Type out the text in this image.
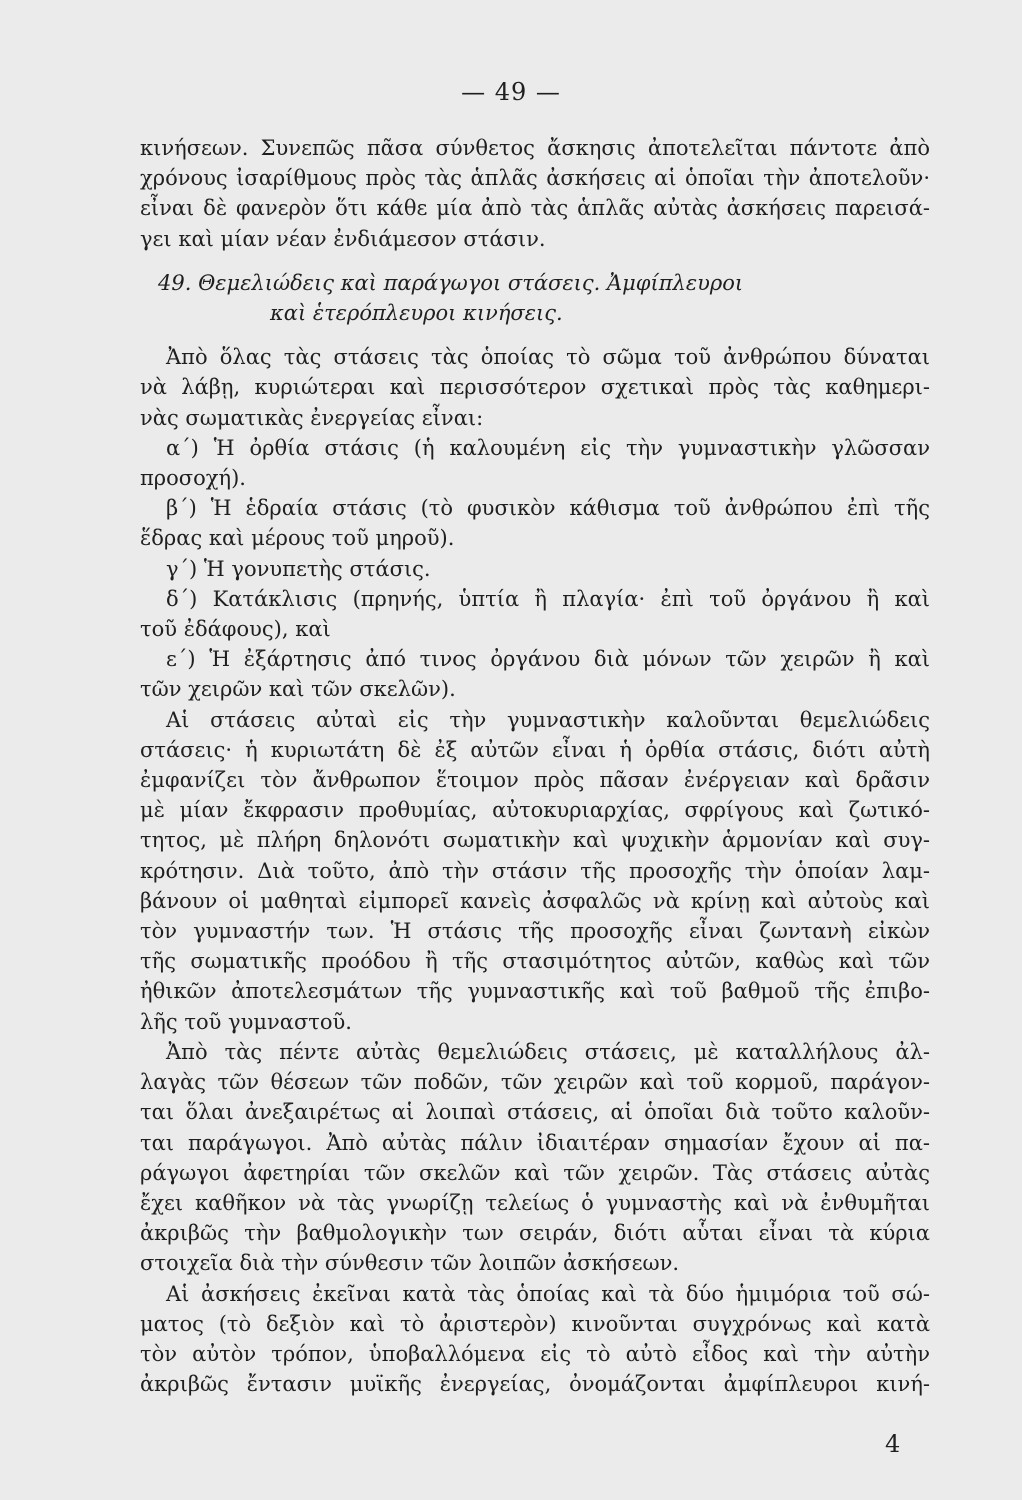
— 49 —
κινήσεων. Συνεπῶς πᾶσα σύνθετος ἄσκησις ἀποτελεῖται πάντοτε ἀπὸ
χρόνους ἰσαρίθμους πρὸς τὰς ἁπλᾶς ἀσκήσεις αἱ ὁποῖαι τὴν ἀποτελοῦν·
εἶναι δὲ φανερὸν ὅτι κάθε μία ἀπὸ τὰς ἁπλᾶς αὐτὰς ἀσκήσεις παρεισά-
γει καὶ μίαν νέαν ἐνδιάμεσον στάσιν.
49. Θεμελιώδεις καὶ παράγωγοι στάσεις. Ἀμφίπλευροι
καὶ ἑτερόπλευροι κινήσεις.
Ἀπὸ ὅλας τὰς στάσεις τὰς ὁποίας τὸ σῶμα τοῦ ἀνθρώπου δύναται
νὰ λάβῃ, κυριώτεραι καὶ περισσότερον σχετικαὶ πρὸς τὰς καθημερι-
νὰς σωματικὰς ἐνεργείας εἶναι:
α΄) Ἡ ὀρθία στάσις (ἡ καλουμένη εἰς τὴν γυμναστικὴν γλῶσσαν
προσοχή).
β΄) Ἡ ἑδραία στάσις (τὸ φυσικὸν κάθισμα τοῦ ἀνθρώπου ἐπὶ τῆς
ἕδρας καὶ μέρους τοῦ μηροῦ).
γ΄) Ἡ γονυπετὴς στάσις.
δ΄) Κατάκλισις (πρηνής, ὑπτία ἢ πλαγία· ἐπὶ τοῦ ὀργάνου ἢ καὶ
τοῦ ἐδάφους), καὶ
ε΄) Ἡ ἐξάρτησις ἀπό τινος ὀργάνου διὰ μόνων τῶν χειρῶν ἢ καὶ
τῶν χειρῶν καὶ τῶν σκελῶν).
Αἱ στάσεις αὐταὶ εἰς τὴν γυμναστικὴν καλοῦνται θεμελιώδεις
στάσεις· ἡ κυριωτάτη δὲ ἐξ αὐτῶν εἶναι ἡ ὀρθία στάσις, διότι αὐτὴ
ἐμφανίζει τὸν ἄνθρωπον ἕτοιμον πρὸς πᾶσαν ἐνέργειαν καὶ δρᾶσιν
μὲ μίαν ἔκφρασιν προθυμίας, αὐτοκυριαρχίας, σφρίγους καὶ ζωτικό-
τητος, μὲ πλήρη δηλονότι σωματικὴν καὶ ψυχικὴν ἁρμονίαν καὶ συγ-
κρότησιν. Διὰ τοῦτο, ἀπὸ τὴν στάσιν τῆς προσοχῆς τὴν ὁποίαν λαμ-
βάνουν οἱ μαθηταὶ εἰμπορεῖ κανεὶς ἀσφαλῶς νὰ κρίνῃ καὶ αὐτοὺς καὶ
τὸν γυμναστήν των. Ἡ στάσις τῆς προσοχῆς εἶναι ζωντανὴ εἰκὼν
τῆς σωματικῆς προόδου ἢ τῆς στασιμότητος αὐτῶν, καθὼς καὶ τῶν
ἠθικῶν ἀποτελεσμάτων τῆς γυμναστικῆς καὶ τοῦ βαθμοῦ τῆς ἐπιβο-
λῆς τοῦ γυμναστοῦ.
Ἀπὸ τὰς πέντε αὐτὰς θεμελιώδεις στάσεις, μὲ καταλλήλους ἀλ-
λαγὰς τῶν θέσεων τῶν ποδῶν, τῶν χειρῶν καὶ τοῦ κορμοῦ, παράγον-
ται ὅλαι ἀνεξαιρέτως αἱ λοιπαὶ στάσεις, αἱ ὁποῖαι διὰ τοῦτο καλοῦν-
ται παράγωγοι. Ἀπὸ αὐτὰς πάλιν ἰδιαιτέραν σημασίαν ἔχουν αἱ πα-
ράγωγοι ἀφετηρίαι τῶν σκελῶν καὶ τῶν χειρῶν. Τὰς στάσεις αὐτὰς
ἔχει καθῆκον νὰ τὰς γνωρίζῃ τελείως ὁ γυμναστὴς καὶ νὰ ἐνθυμῆται
ἀκριβῶς τὴν βαθμολογικὴν των σειράν, διότι αὗται εἶναι τὰ κύρια
στοιχεῖα διὰ τὴν σύνθεσιν τῶν λοιπῶν ἀσκήσεων.
Αἱ ἀσκήσεις ἐκεῖναι κατὰ τὰς ὁποίας καὶ τὰ δύο ἡμιμόρια τοῦ σώ-
ματος (τὸ δεξιὸν καὶ τὸ ἀριστερὸν) κινοῦνται συγχρόνως καὶ κατὰ
τὸν αὐτὸν τρόπον, ὑποβαλλόμενα εἰς τὸ αὐτὸ εἶδος καὶ τὴν αὐτὴν
ἀκριβῶς ἔντασιν μυϊκῆς ἐνεργείας, ὀνομάζονται ἀμφίπλευροι κινή-
4
